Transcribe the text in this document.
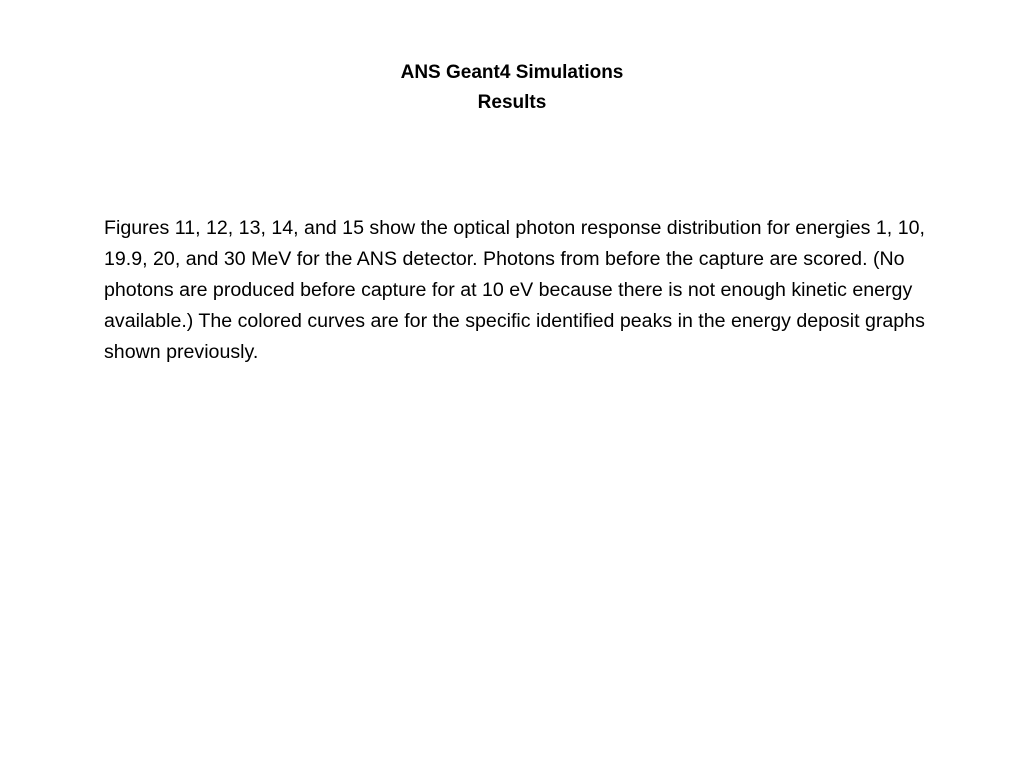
ANS Geant4 Simulations
Results

Figures 11, 12, 13, 14, and 15 show the optical photon response distribution for energies 1, 10, 19.9, 20, and 30 MeV for the ANS detector. Photons from before the capture are scored. (No photons are produced before capture for at 10 eV because there is not enough kinetic energy available.) The colored curves are for the specific identified peaks in the energy deposit graphs shown previously.
